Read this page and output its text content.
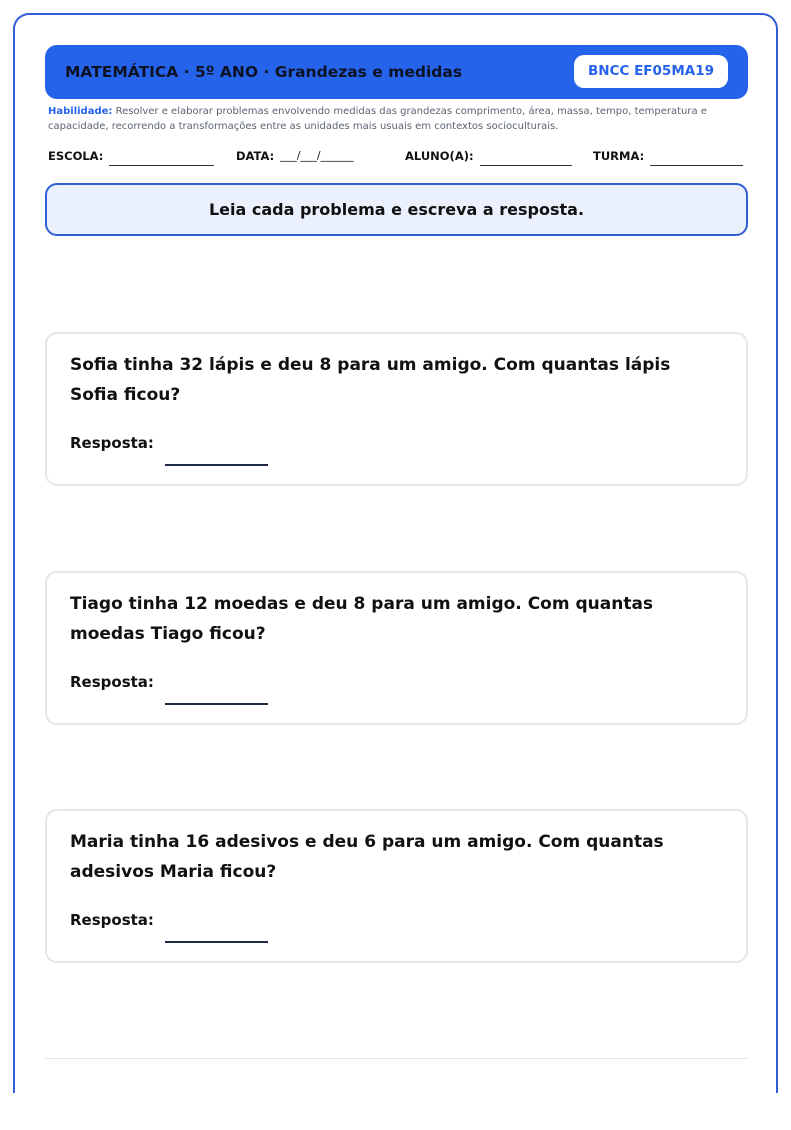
MATEMÁTICA · 5º ANO · Grandezas e medidas	BNCC EF05MA19
Habilidade: Resolver e elaborar problemas envolvendo medidas das grandezas comprimento, área, massa, tempo, temperatura e capacidade, recorrendo a transformações entre as unidades mais usuais em contextos socioculturais.
ESCOLA:	DATA: ___/___/______	ALUNO(A):	TURMA:
Leia cada problema e escreva a resposta.
Sofia tinha 32 lápis e deu 8 para um amigo. Com quantas lápis Sofia ficou?
Resposta:
Tiago tinha 12 moedas e deu 8 para um amigo. Com quantas moedas Tiago ficou?
Resposta:
Maria tinha 16 adesivos e deu 6 para um amigo. Com quantas adesivos Maria ficou?
Resposta:
